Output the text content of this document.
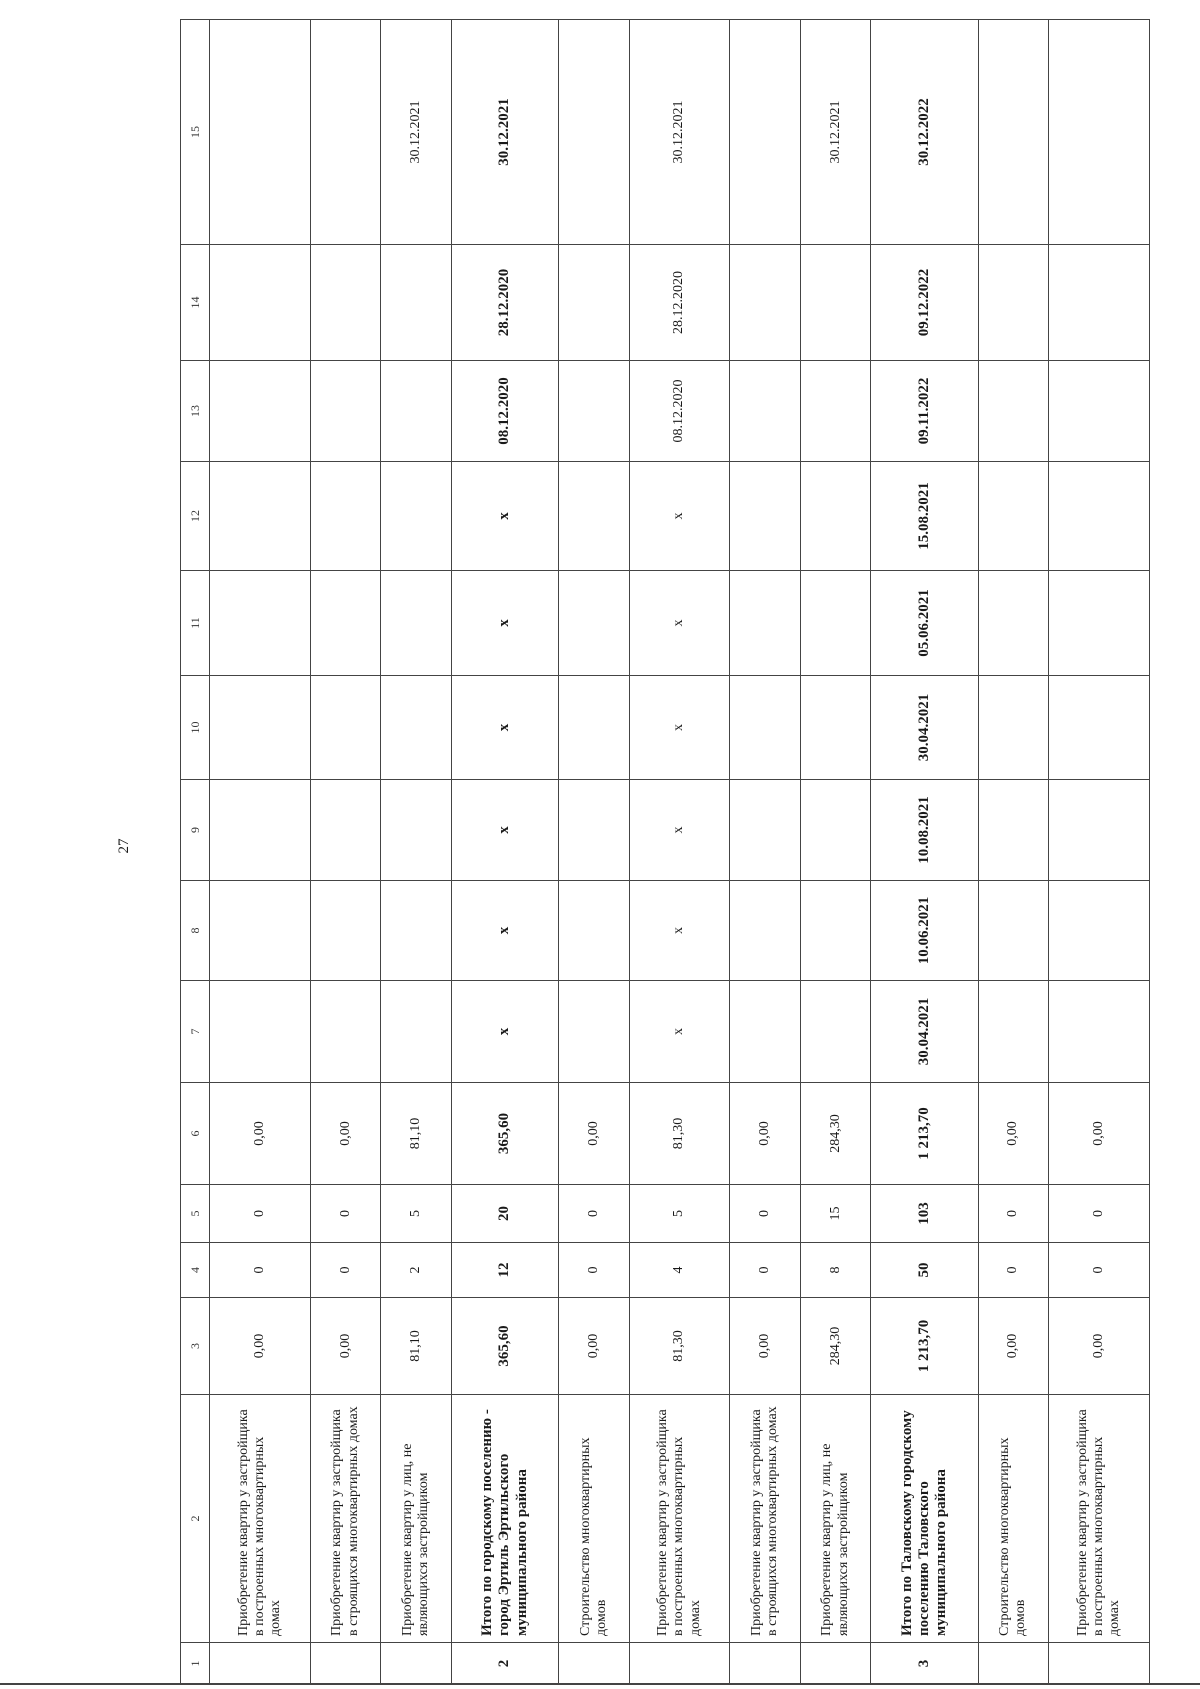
27
1	2	3	4	5	6	7	8	9	10	11	12	13	14	15
	Приобретение квартир у застройщика в построенных многоквартирных домах	0,00	0	0	0,00									
	Приобретение квартир у застройщика в строящихся многоквартирных домах	0,00	0	0	0,00									
	Приобретение квартир у лиц, не являющихся застройщиком	81,10	2	5	81,10									30.12.2021
2	Итого по городскому поселению - город Эртиль Эртильского муниципального района	365,60	12	20	365,60	x	x	x	x	x	x	08.12.2020	28.12.2020	30.12.2021
	Строительство многоквартирных домов	0,00	0	0	0,00									
	Приобретение квартир у застройщика в построенных многоквартирных домах	81,30	4	5	81,30	x	x	x	x	x	x	08.12.2020	28.12.2020	30.12.2021
	Приобретение квартир у застройщика в строящихся многоквартирных домах	0,00	0	0	0,00									
	Приобретение квартир у лиц, не являющихся застройщиком	284,30	8	15	284,30									30.12.2021
3	Итого по Таловскому городскому поселению Таловского муниципального района	1 213,70	50	103	1 213,70	30.04.2021	10.06.2021	10.08.2021	30.04.2021	05.06.2021	15.08.2021	09.11.2022	09.12.2022	30.12.2022
	Строительство многоквартирных домов	0,00	0	0	0,00									
	Приобретение квартир у застройщика в построенных многоквартирных домах	0,00	0	0	0,00									
